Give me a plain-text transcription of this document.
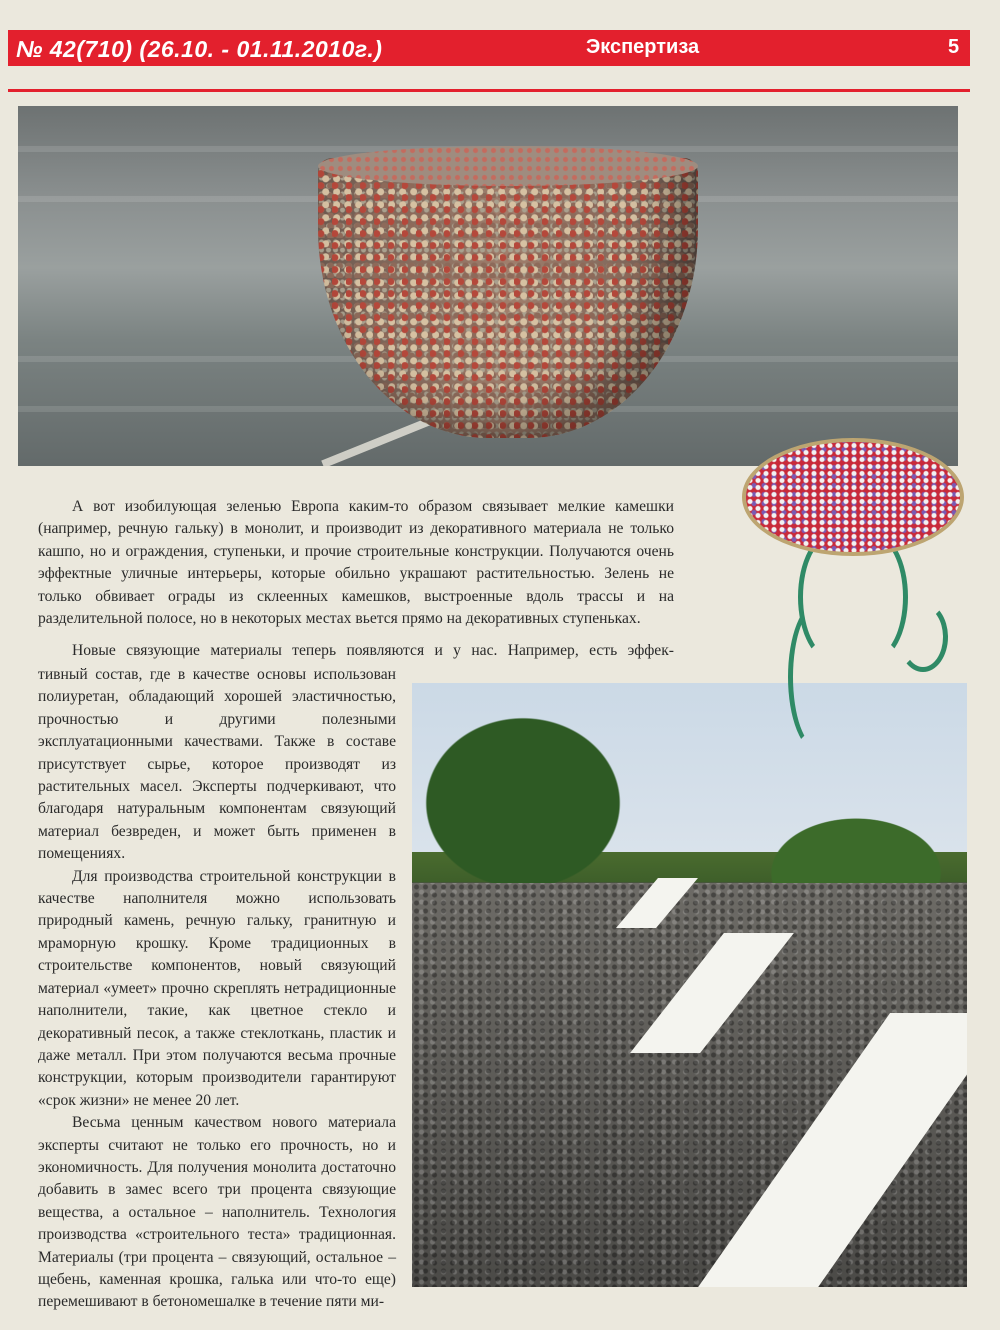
№ 42(710) (26.10. - 01.11.2010г.)	Экспертиза	5

А вот изобилующая зеленью Европа каким-то образом связывает мелкие камешки (например, речную гальку) в монолит, и производит из декоративного материала не только кашпо, но и ограждения, ступеньки, и прочие строительные конструкции. Получаются очень эффектные уличные интерьеры, которые обильно украшают растительностью. Зелень не только обвивает ограды из склеенных камешков, выстроенные вдоль трассы и на разделительной полосе, но в некоторых местах вьется прямо на декоративных ступеньках.

Новые связующие материалы теперь появляются и у нас. Например, есть эффек-

тивный состав, где в качестве основы использован полиуретан, обладающий хорошей эластичностью, прочностью и другими полезными эксплуатационными качествами. Также в составе присутствует сырье, которое производят из растительных масел. Эксперты подчеркивают, что благодаря натуральным компонентам связующий материал безвреден, и может быть применен в помещениях.

Для производства строительной конструкции в качестве наполнителя можно использовать природный камень, речную гальку, гранитную и мраморную крошку. Кроме традиционных в строительстве компонентов, новый связующий материал «умеет» прочно скреплять нетрадиционные наполнители, такие, как цветное стекло и декоративный песок, а также стеклоткань, пластик и даже металл. При этом получаются весьма прочные конструкции, которым производители гарантируют «срок жизни» не менее 20 лет.

Весьма ценным качеством нового материала эксперты считают не только его прочность, но и экономичность. Для получения монолита достаточно добавить в замес всего три процента связующие вещества, а остальное – наполнитель. Технология производства «строительного теста» традиционная. Материалы (три процента – связующий, остальное – щебень, каменная крошка, галька или что-то еще) перемешивают в бетономешалке в течение пяти ми-
